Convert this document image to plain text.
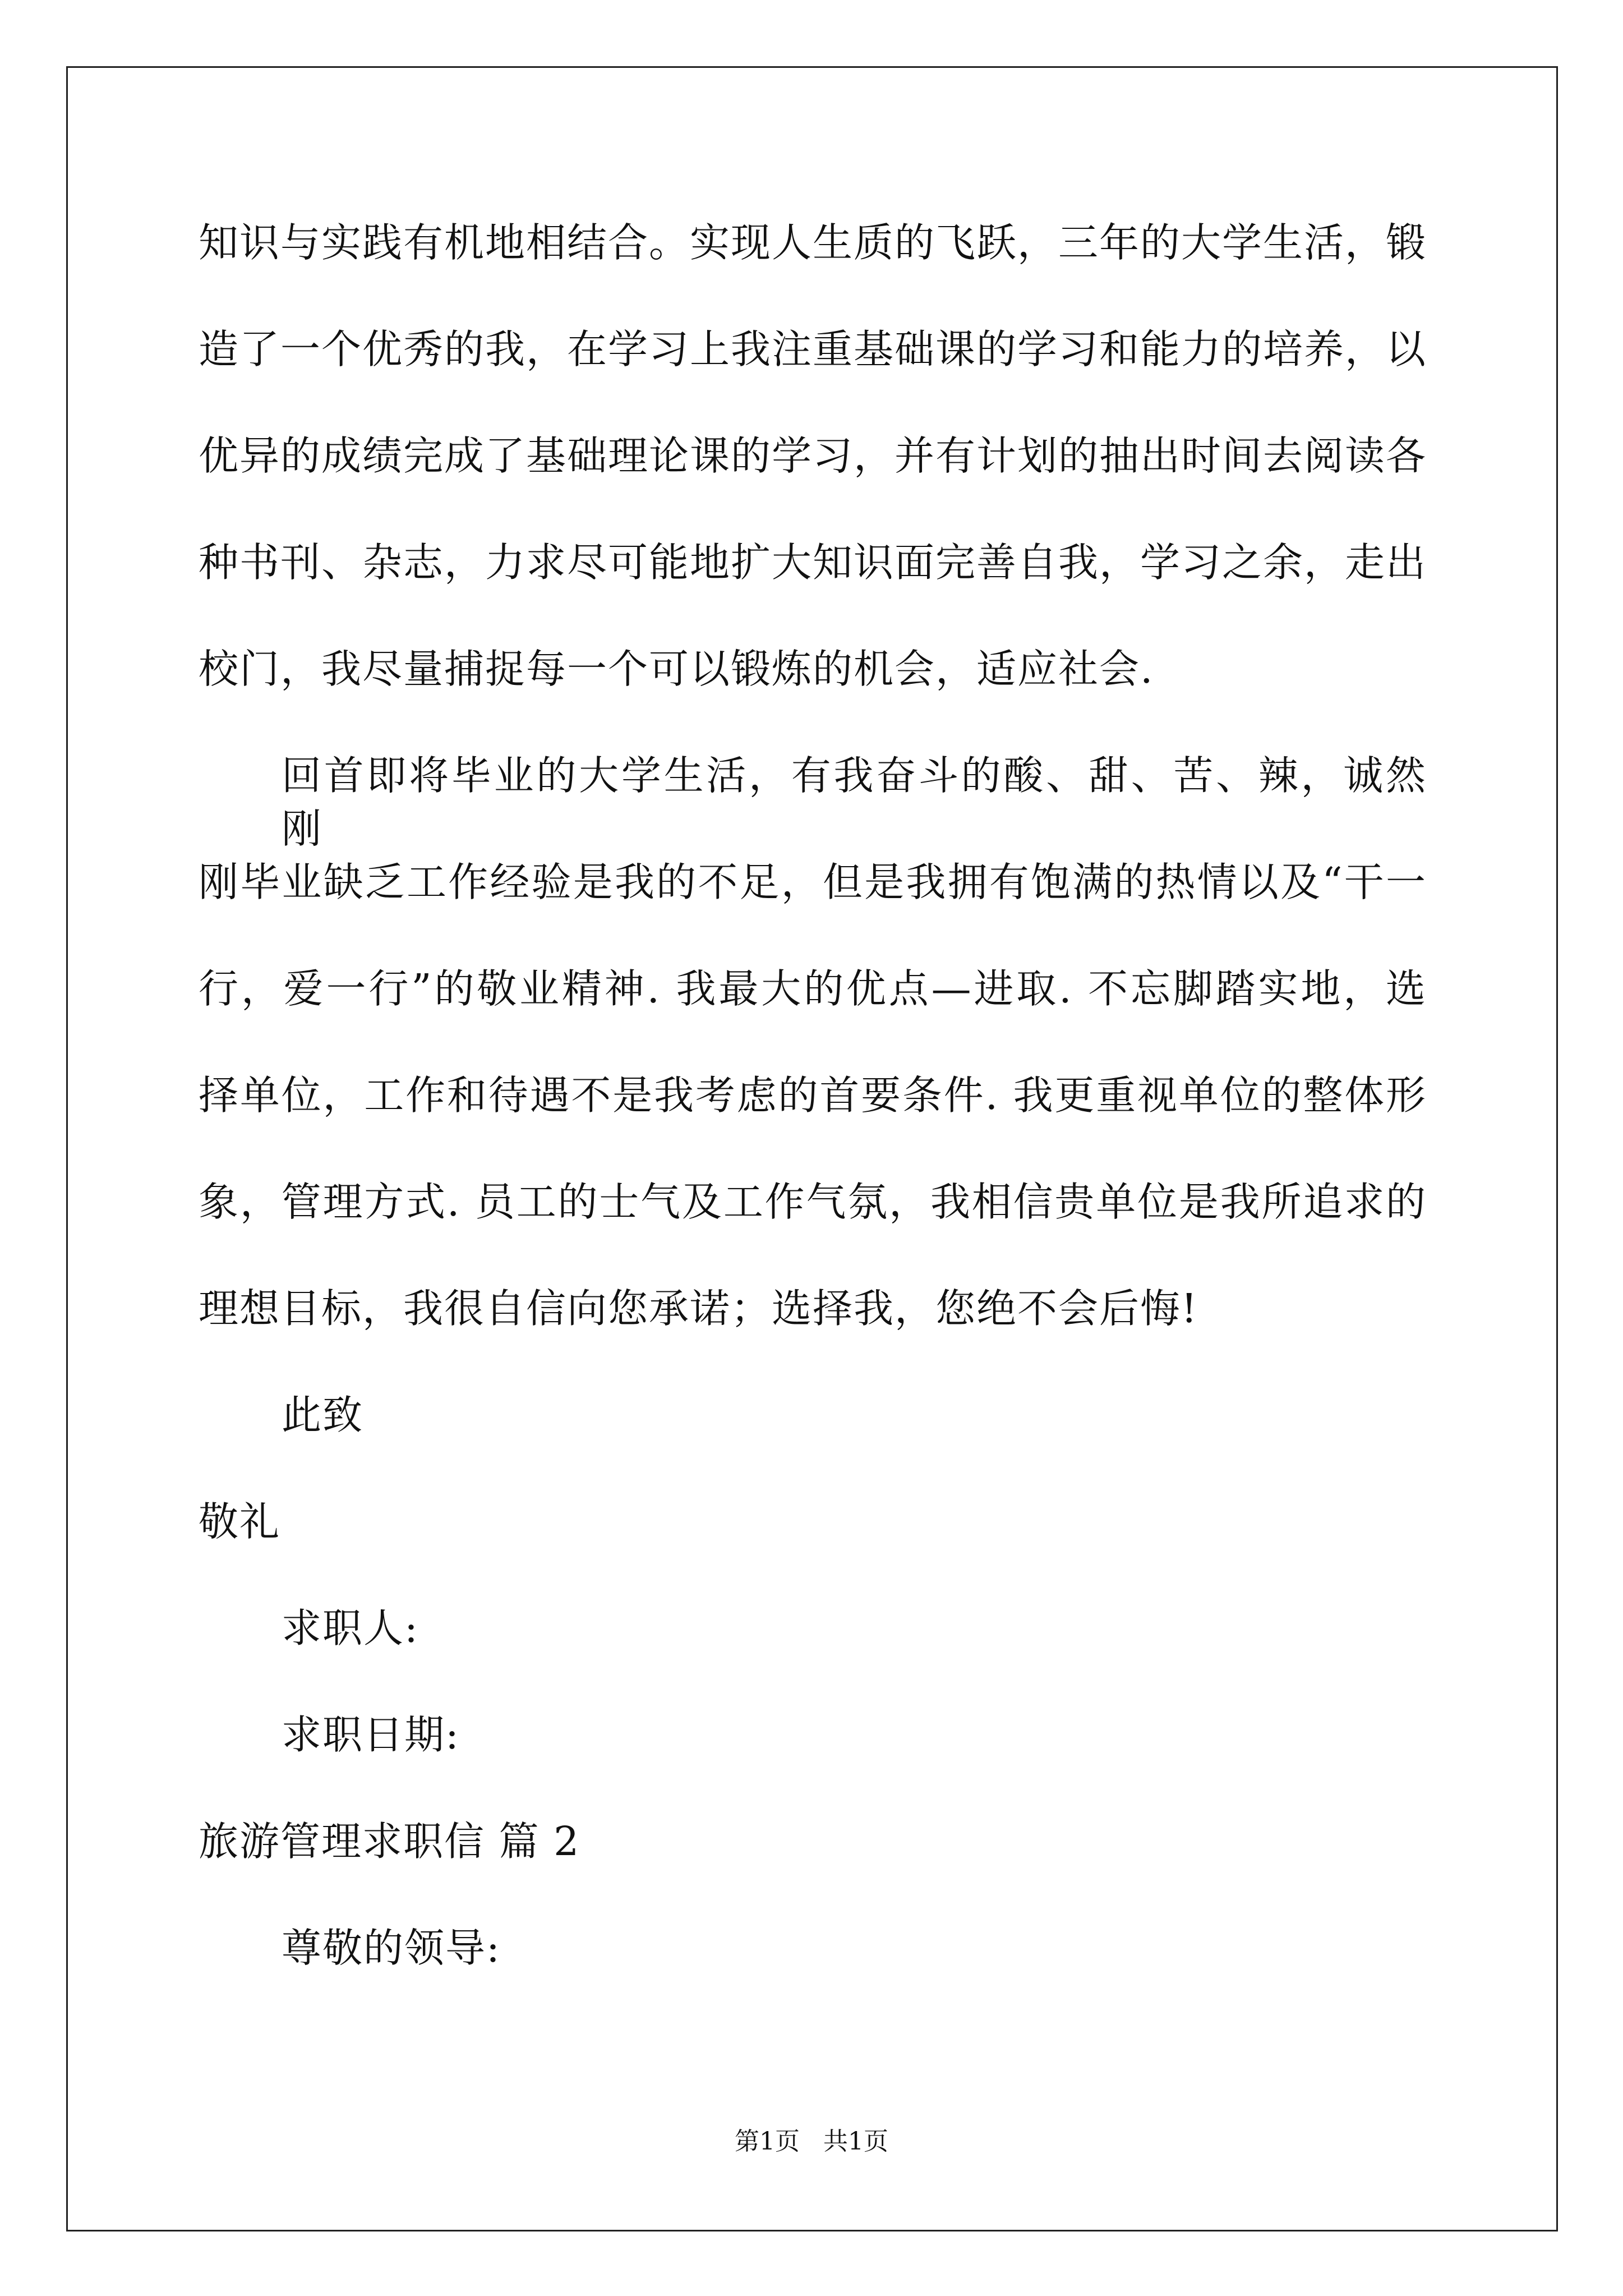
知识与实践有机地相结合。实现人生质的飞跃，三年的大学生活，锻
造了一个优秀的我，在学习上我注重基础课的学习和能力的培养，以
优异的成绩完成了基础理论课的学习，并有计划的抽出时间去阅读各
种书刊、杂志，力求尽可能地扩大知识面完善自我，学习之余，走出
校门，我尽量捕捉每一个可以锻炼的机会，适应社会.
回首即将毕业的大学生活，有我奋斗的酸、甜、苦、辣，诚然刚
刚毕业缺乏工作经验是我的不足，但是我拥有饱满的热情以及“干一
行，爱一行”的敬业精神. 我最大的优点—进取. 不忘脚踏实地，选
择单位，工作和待遇不是我考虑的首要条件. 我更重视单位的整体形
象，管理方式. 员工的士气及工作气氛，我相信贵单位是我所追求的
理想目标，我很自信向您承诺；选择我，您绝不会后悔!
此致
敬礼
求职人:
求职日期:
旅游管理求职信 篇 2
尊敬的领导:
第1页 共1页
